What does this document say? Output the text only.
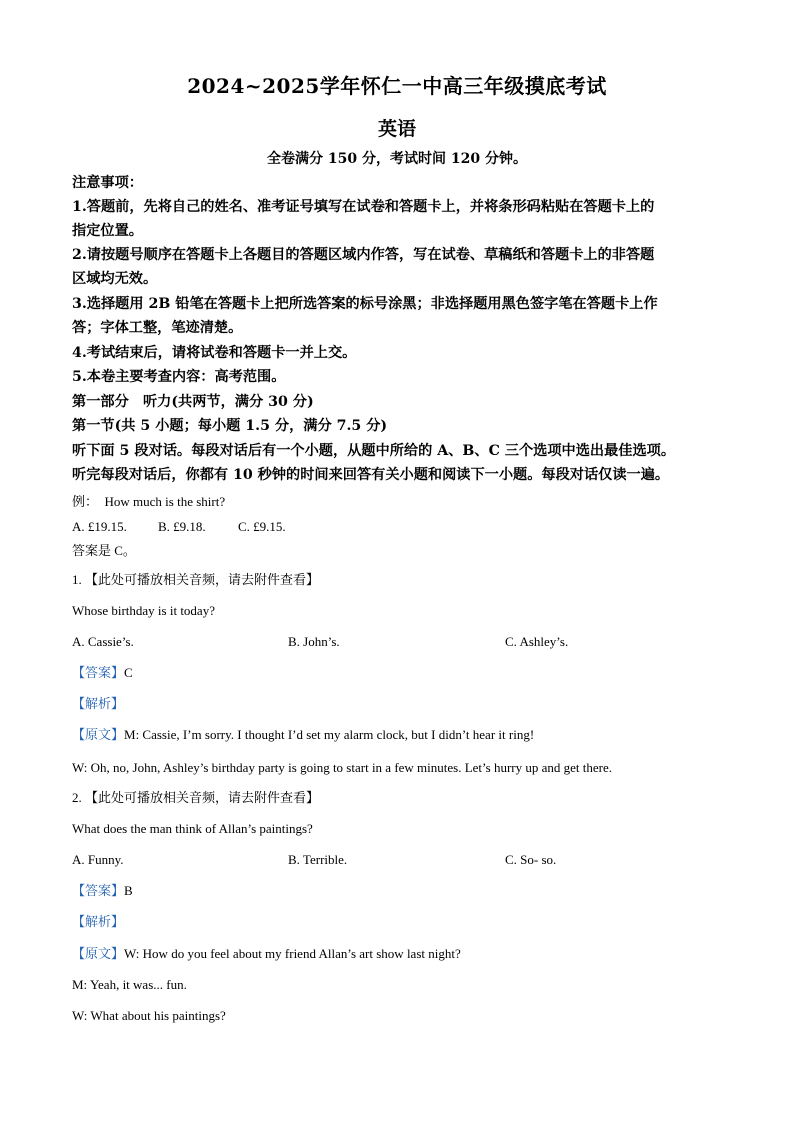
2024~2025学年怀仁一中高三年级摸底考试
英语
全卷满分 150 分，考试时间 120 分钟。
注意事项：
1.答题前，先将自己的姓名、准考证号填写在试卷和答题卡上，并将条形码粘贴在答题卡上的
指定位置。
2.请按题号顺序在答题卡上各题目的答题区域内作答，写在试卷、草稿纸和答题卡上的非答题
区域均无效。
3.选择题用 2B 铅笔在答题卡上把所选答案的标号涂黑；非选择题用黑色签字笔在答题卡上作
答；字体工整，笔迹清楚。
4.考试结束后，请将试卷和答题卡一并上交。
5.本卷主要考查内容：高考范围。
第一部分　听力(共两节，满分 30 分)
第一节(共 5 小题；每小题 1.5 分，满分 7.5 分)
听下面 5 段对话。每段对话后有一个小题，从题中所给的 A、B、C 三个选项中选出最佳选项。
听完每段对话后，你都有 10 秒钟的时间来回答有关小题和阅读下一小题。每段对话仅读一遍。
例： How much is the shirt?
A. £19.15. B. £9.18. C. £9.15.
答案是 C。
1. 【此处可播放相关音频，请去附件查看】
Whose birthday is it today?
A. Cassie’s.	B. John’s.	C. Ashley’s.
【答案】C
【解析】
【原文】M: Cassie, I’m sorry. I thought I’d set my alarm clock, but I didn’t hear it ring!
W: Oh, no, John, Ashley’s birthday party is going to start in a few minutes. Let’s hurry up and get there.
2. 【此处可播放相关音频，请去附件查看】
What does the man think of Allan’s paintings?
A. Funny.	B. Terrible.	C. So- so.
【答案】B
【解析】
【原文】W: How do you feel about my friend Allan’s art show last night?
M: Yeah, it was... fun.
W: What about his paintings?
